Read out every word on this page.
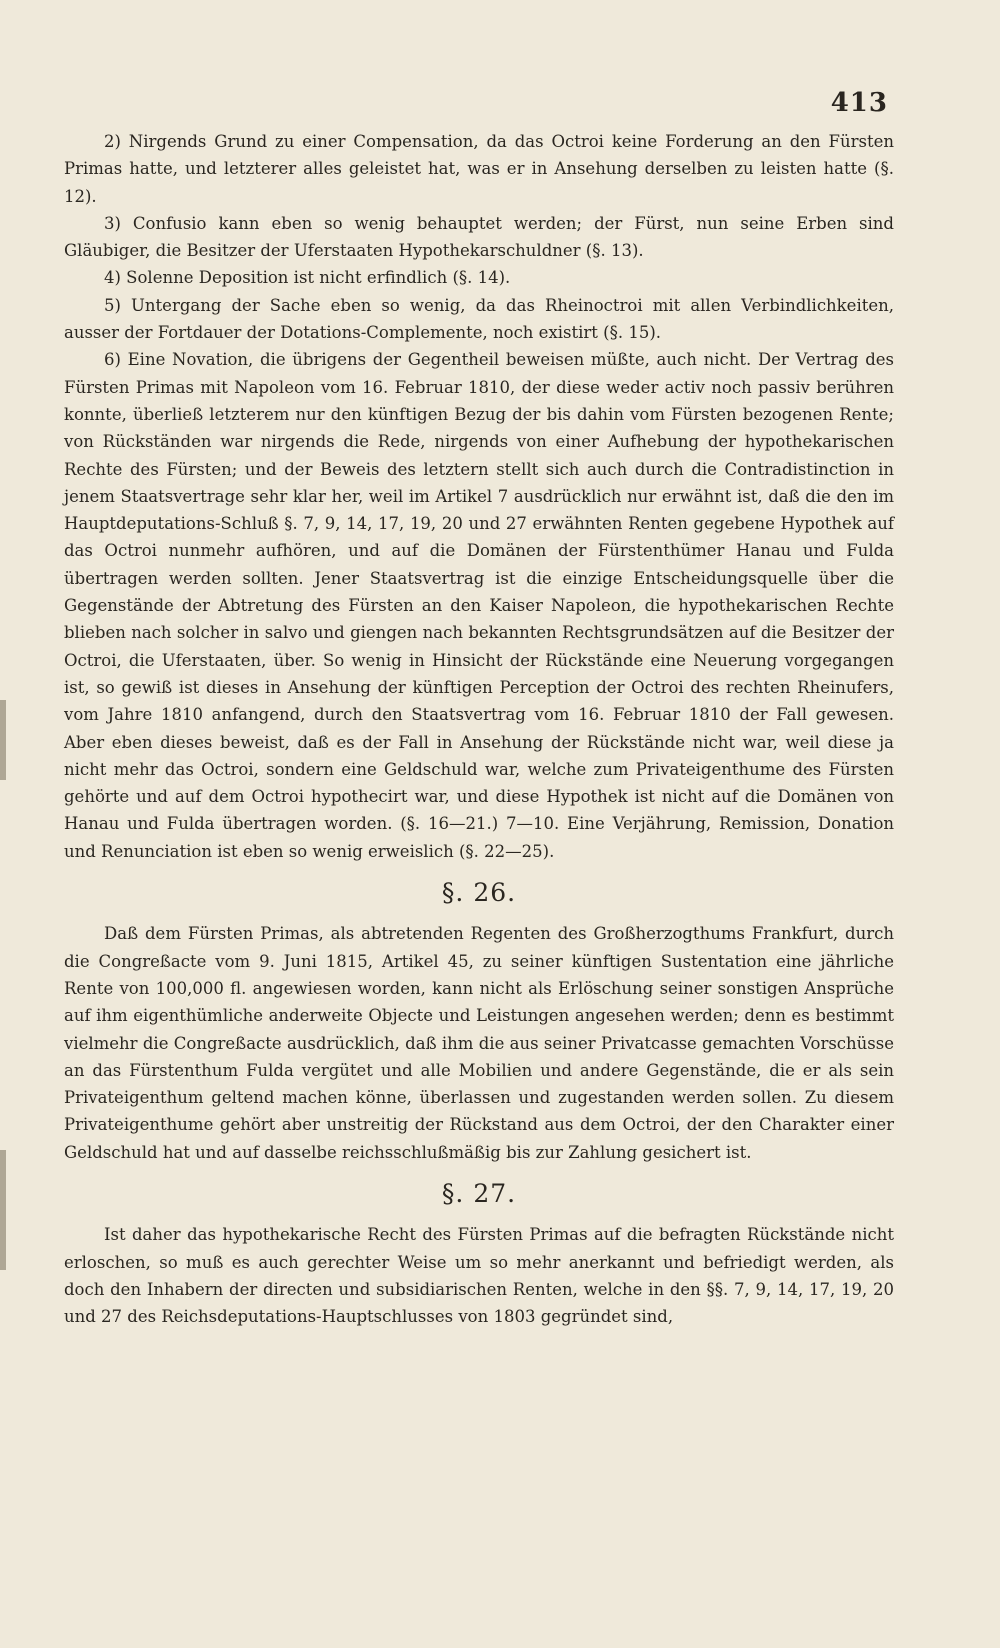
413

2) Nirgends Grund zu einer Compensation, da das Octroi keine Forderung an den Fürsten Primas hatte, und letzterer alles geleistet hat, was er in Ansehung derselben zu leisten hatte (§. 12).

3) Confusio kann eben so wenig behauptet werden; der Fürst, nun seine Erben sind Gläubiger, die Besitzer der Uferstaaten Hypothekarschuldner (§. 13).

4) Solenne Deposition ist nicht erfindlich (§. 14).

5) Untergang der Sache eben so wenig, da das Rheinoctroi mit allen Verbindlichkeiten, ausser der Fortdauer der Dotations-Complemente, noch existirt (§. 15).

6) Eine Novation, die übrigens der Gegentheil beweisen müßte, auch nicht. Der Vertrag des Fürsten Primas mit Napoleon vom 16. Februar 1810, der diese weder activ noch passiv berühren konnte, überließ letzterem nur den künftigen Bezug der bis dahin vom Fürsten bezogenen Rente; von Rückständen war nirgends die Rede, nirgends von einer Aufhebung der hypothekarischen Rechte des Fürsten; und der Beweis des letztern stellt sich auch durch die Contradistinction in jenem Staatsvertrage sehr klar her, weil im Artikel 7 ausdrücklich nur erwähnt ist, daß die den im Hauptdeputations-Schluß §. 7, 9, 14, 17, 19, 20 und 27 erwähnten Renten gegebene Hypothek auf das Octroi nunmehr aufhören, und auf die Domänen der Fürstenthümer Hanau und Fulda übertragen werden sollten. Jener Staatsvertrag ist die einzige Entscheidungsquelle über die Gegenstände der Abtretung des Fürsten an den Kaiser Napoleon, die hypothekarischen Rechte blieben nach solcher in salvo und giengen nach bekannten Rechtsgrundsätzen auf die Besitzer der Octroi, die Uferstaaten, über. So wenig in Hinsicht der Rückstände eine Neuerung vorgegangen ist, so gewiß ist dieses in Ansehung der künftigen Perception der Octroi des rechten Rheinufers, vom Jahre 1810 anfangend, durch den Staatsvertrag vom 16. Februar 1810 der Fall gewesen. Aber eben dieses beweist, daß es der Fall in Ansehung der Rückstände nicht war, weil diese ja nicht mehr das Octroi, sondern eine Geldschuld war, welche zum Privateigenthume des Fürsten gehörte und auf dem Octroi hypothecirt war, und diese Hypothek ist nicht auf die Domänen von Hanau und Fulda übertragen worden. (§. 16—21.) 7—10. Eine Verjährung, Remission, Donation und Renunciation ist eben so wenig erweislich (§. 22—25).

§. 26.

Daß dem Fürsten Primas, als abtretenden Regenten des Großherzogthums Frankfurt, durch die Congreßacte vom 9. Juni 1815, Artikel 45, zu seiner künftigen Sustentation eine jährliche Rente von 100,000 fl. angewiesen worden, kann nicht als Erlöschung seiner sonstigen Ansprüche auf ihm eigenthümliche anderweite Objecte und Leistungen angesehen werden; denn es bestimmt vielmehr die Congreßacte ausdrücklich, daß ihm die aus seiner Privatcasse gemachten Vorschüsse an das Fürstenthum Fulda vergütet und alle Mobilien und andere Gegenstände, die er als sein Privateigenthum geltend machen könne, überlassen und zugestanden werden sollen. Zu diesem Privateigenthume gehört aber unstreitig der Rückstand aus dem Octroi, der den Charakter einer Geldschuld hat und auf dasselbe reichsschlußmäßig bis zur Zahlung gesichert ist.

§. 27.

Ist daher das hypothekarische Recht des Fürsten Primas auf die befragten Rückstände nicht erloschen, so muß es auch gerechter Weise um so mehr anerkannt und befriedigt werden, als doch den Inhabern der directen und subsidiarischen Renten, welche in den §§. 7, 9, 14, 17, 19, 20 und 27 des Reichsdeputations-Hauptschlusses von 1803 gegründet sind,
